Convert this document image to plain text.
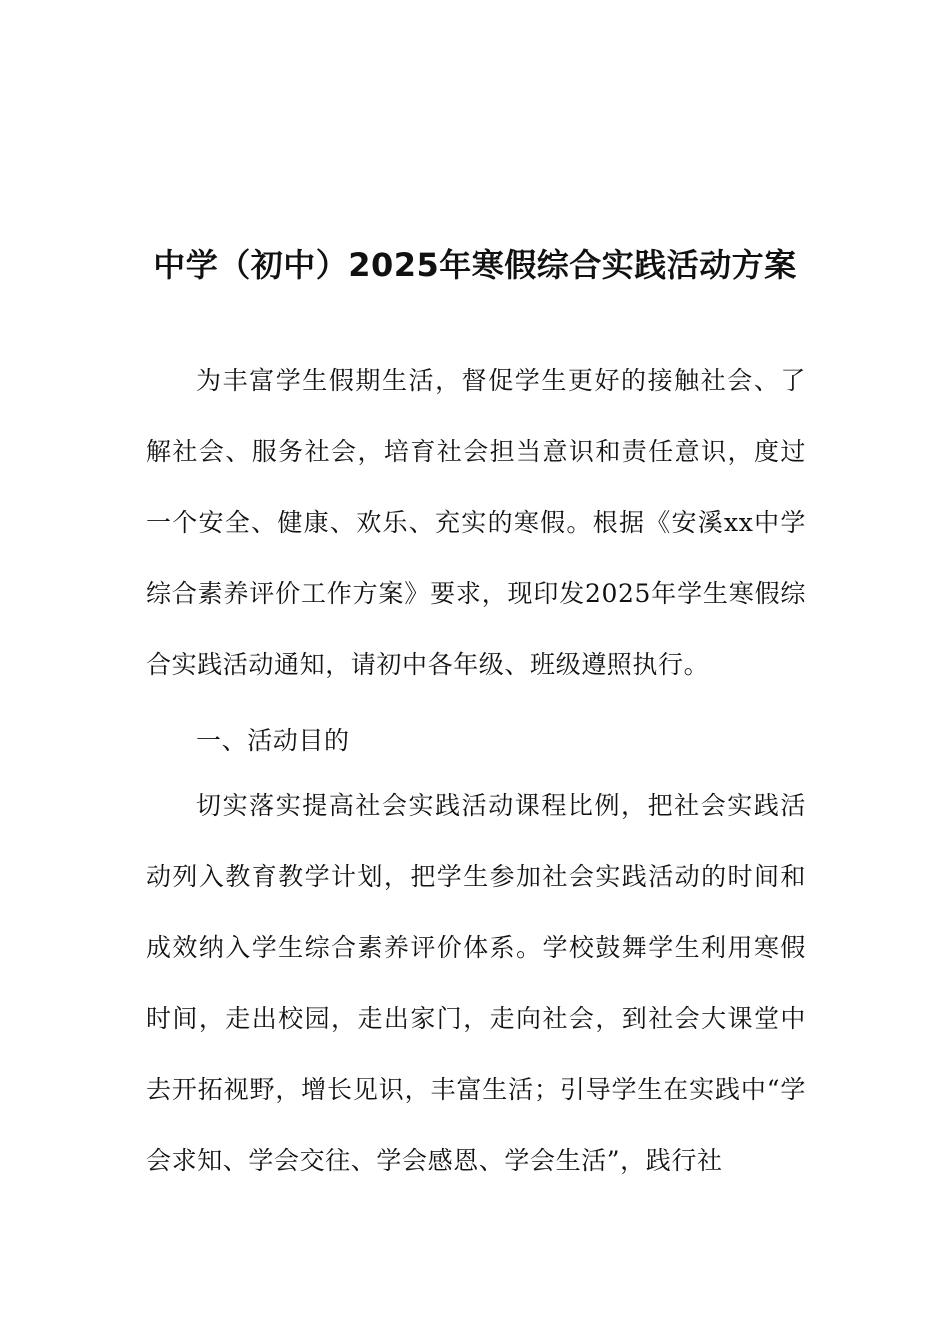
中学（初中）2025年寒假综合实践活动方案

为丰富学生假期生活，督促学生更好的接触社会、了解社会、服务社会，培育社会担当意识和责任意识，度过一个安全、健康、欢乐、充实的寒假。根据《安溪xx中学综合素养评价工作方案》要求，现印发2025年学生寒假综合实践活动通知，请初中各年级、班级遵照执行。

一、活动目的

切实落实提高社会实践活动课程比例，把社会实践活动列入教育教学计划，把学生参加社会实践活动的时间和成效纳入学生综合素养评价体系。学校鼓舞学生利用寒假时间，走出校园，走出家门，走向社会，到社会大课堂中去开拓视野，增长见识，丰富生活；引导学生在实践中“学会求知、学会交往、学会感恩、学会生活”，践行社
